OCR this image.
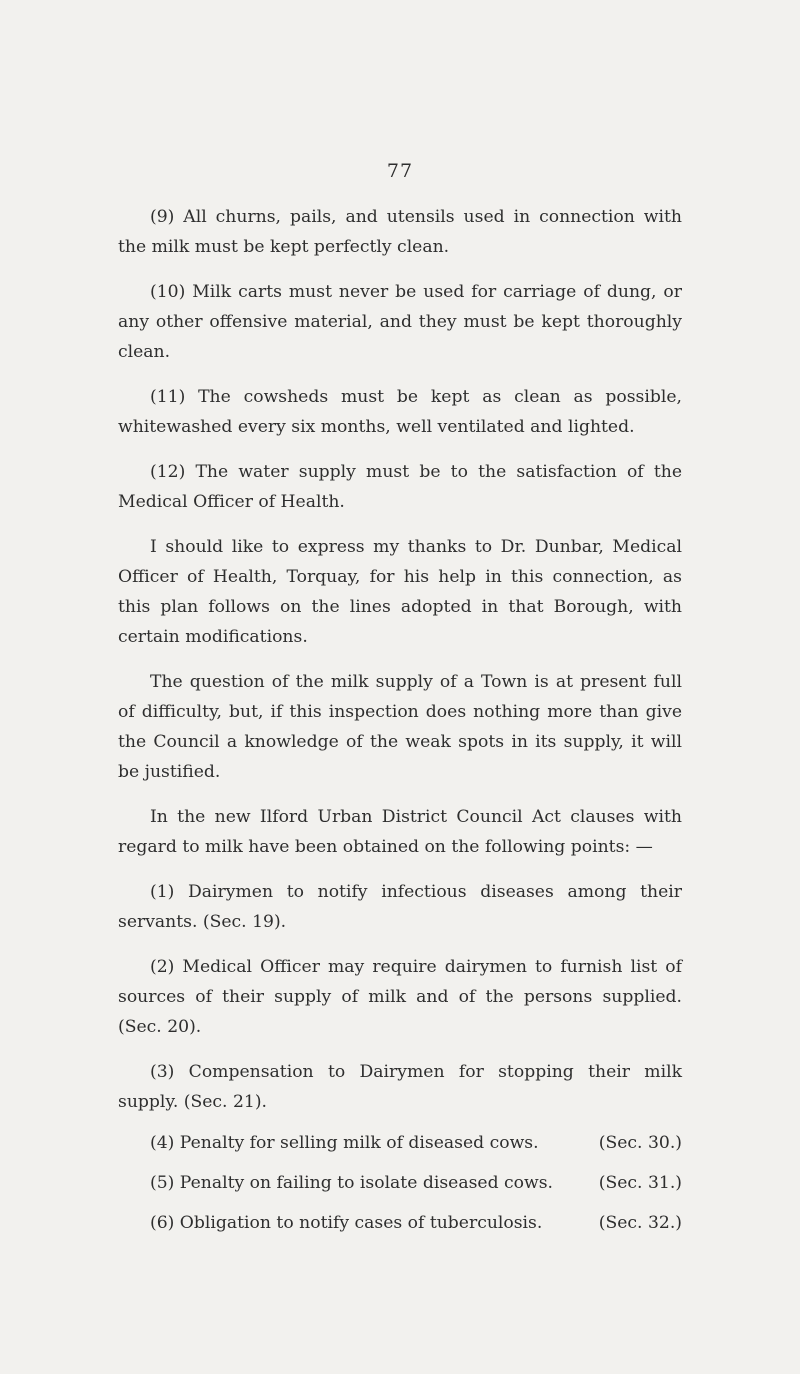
77

(9) All churns, pails, and utensils used in connection with the milk must be kept perfectly clean.

(10) Milk carts must never be used for carriage of dung, or any other offensive material, and they must be kept thoroughly clean.

(11) The cowsheds must be kept as clean as possible, whitewashed every six months, well ventilated and lighted.

(12) The water supply must be to the satisfaction of the Medical Officer of Health.

I should like to express my thanks to Dr. Dunbar, Medical Officer of Health, Torquay, for his help in this connection, as this plan follows on the lines adopted in that Borough, with certain modifications.

The question of the milk supply of a Town is at present full of difficulty, but, if this inspection does nothing more than give the Council a knowledge of the weak spots in its supply, it will be justified.

In the new Ilford Urban District Council Act clauses with regard to milk have been obtained on the following points: —

(1) Dairymen to notify infectious diseases among their servants. (Sec. 19).

(2) Medical Officer may require dairymen to furnish list of sources of their supply of milk and of the persons supplied. (Sec. 20).

(3) Compensation to Dairymen for stopping their milk supply. (Sec. 21).

(4) Penalty for selling milk of diseased cows.	(Sec. 30.)
(5) Penalty on failing to isolate diseased cows.	(Sec. 31.)
(6) Obligation to notify cases of tuberculosis.	(Sec. 32.)
